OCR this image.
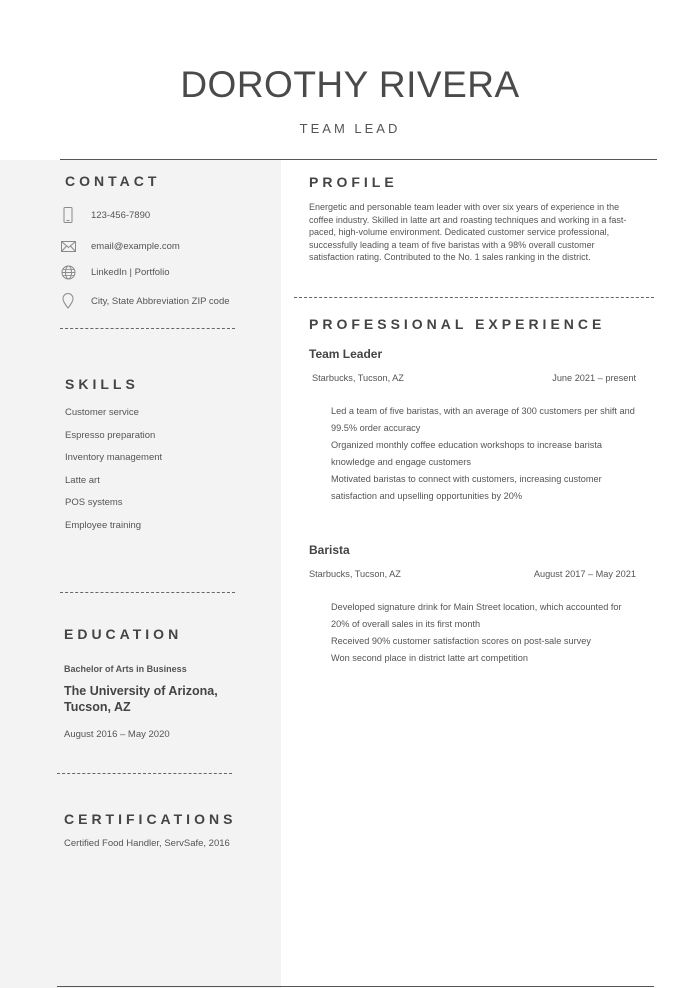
DOROTHY RIVERA
TEAM LEAD
CONTACT
123-456-7890
email@example.com
LinkedIn | Portfolio
City, State Abbreviation ZIP code
SKILLS
Customer service
Espresso preparation
Inventory management
Latte art
POS systems
Employee training
EDUCATION
Bachelor of Arts in Business
The University of Arizona, Tucson, AZ
August 2016 – May 2020
CERTIFICATIONS
Certified Food Handler, ServSafe, 2016
PROFILE
Energetic and personable team leader with over six years of experience in the coffee industry. Skilled in latte art and roasting techniques and working in a fast-paced, high-volume environment. Dedicated customer service professional, successfully leading a team of five baristas with a 98% overall customer satisfaction rating. Contributed to the No. 1 sales ranking in the district.
PROFESSIONAL EXPERIENCE
Team Leader
Starbucks, Tucson, AZ	June 2021 – present
Led a team of five baristas, with an average of 300 customers per shift and 99.5% order accuracy
Organized monthly coffee education workshops to increase barista knowledge and engage customers
Motivated baristas to connect with customers, increasing customer satisfaction and upselling opportunities by 20%
Barista
Starbucks, Tucson, AZ	August 2017 – May 2021
Developed signature drink for Main Street location, which accounted for 20% of overall sales in its first month
Received 90% customer satisfaction scores on post-sale survey
Won second place in district latte art competition
